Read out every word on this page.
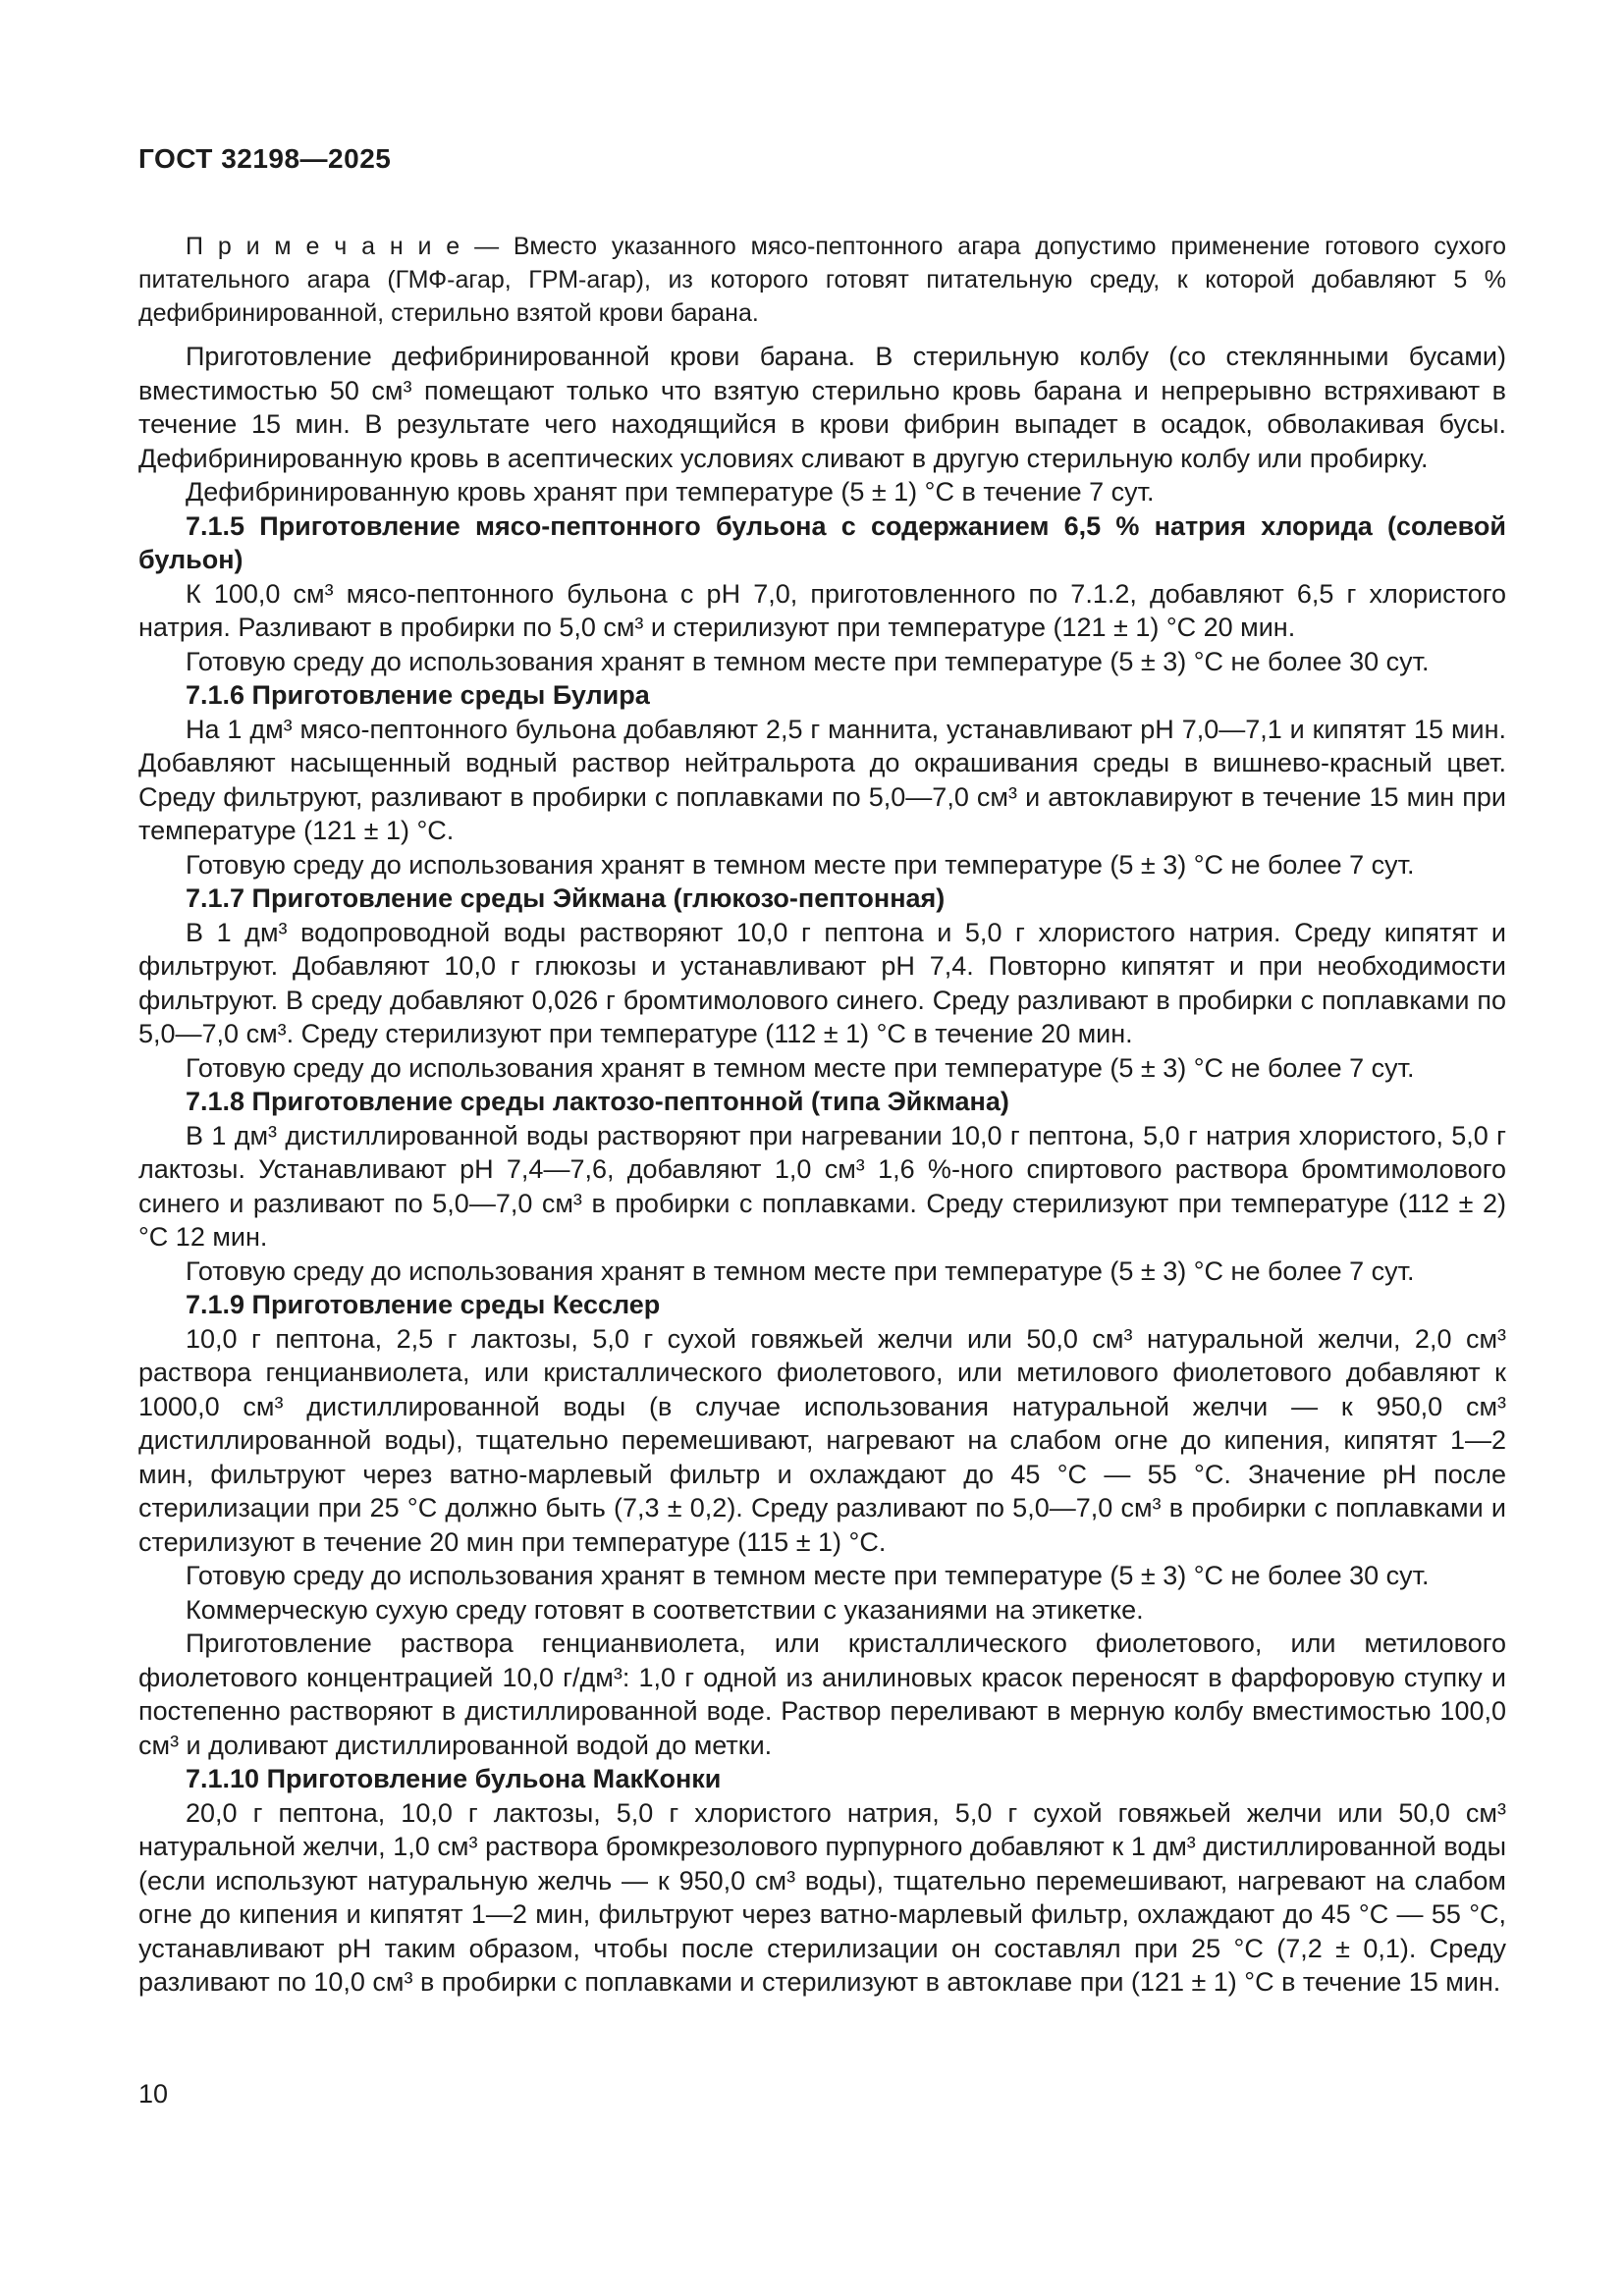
ГОСТ 32198—2025

П р и м е ч а н и е — Вместо указанного мясо-пептонного агара допустимо применение готового сухого питательного агара (ГМФ-агар, ГРМ-агар), из которого готовят питательную среду, к которой добавляют 5 % дефибринированной, стерильно взятой крови барана.

Приготовление дефибринированной крови барана. В стерильную колбу (со стеклянными бусами) вместимостью 50 см³ помещают только что взятую стерильно кровь барана и непрерывно встряхивают в течение 15 мин. В результате чего находящийся в крови фибрин выпадет в осадок, обволакивая бусы. Дефибринированную кровь в асептических условиях сливают в другую стерильную колбу или пробирку.

Дефибринированную кровь хранят при температуре (5 ± 1) °С в течение 7 сут.

7.1.5 Приготовление мясо-пептонного бульона с содержанием 6,5 % натрия хлорида (солевой бульон)

К 100,0 см³ мясо-пептонного бульона с рН 7,0, приготовленного по 7.1.2, добавляют 6,5 г хлористого натрия. Разливают в пробирки по 5,0 см³ и стерилизуют при температуре (121 ± 1) °С 20 мин.

Готовую среду до использования хранят в темном месте при температуре (5 ± 3) °С не более 30 сут.

7.1.6 Приготовление среды Булира

На 1 дм³ мясо-пептонного бульона добавляют 2,5 г маннита, устанавливают рН 7,0—7,1 и кипятят 15 мин. Добавляют насыщенный водный раствор нейтральрота до окрашивания среды в вишнево-красный цвет. Среду фильтруют, разливают в пробирки с поплавками по 5,0—7,0 см³ и автоклавируют в течение 15 мин при температуре (121 ± 1) °С.

Готовую среду до использования хранят в темном месте при температуре (5 ± 3) °С не более 7 сут.

7.1.7 Приготовление среды Эйкмана (глюкозо-пептонная)

В 1 дм³ водопроводной воды растворяют 10,0 г пептона и 5,0 г хлористого натрия. Среду кипятят и фильтруют. Добавляют 10,0 г глюкозы и устанавливают рН 7,4. Повторно кипятят и при необходимости фильтруют. В среду добавляют 0,026 г бромтимолового синего. Среду разливают в пробирки с поплавками по 5,0—7,0 см³. Среду стерилизуют при температуре (112 ± 1) °С в течение 20 мин.

Готовую среду до использования хранят в темном месте при температуре (5 ± 3) °С не более 7 сут.

7.1.8 Приготовление среды лактозо-пептонной (типа Эйкмана)

В 1 дм³ дистиллированной воды растворяют при нагревании 10,0 г пептона, 5,0 г натрия хлористого, 5,0 г лактозы. Устанавливают рН 7,4—7,6, добавляют 1,0 см³ 1,6 %-ного спиртового раствора бромтимолового синего и разливают по 5,0—7,0 см³ в пробирки с поплавками. Среду стерилизуют при температуре (112 ± 2) °С 12 мин.

Готовую среду до использования хранят в темном месте при температуре (5 ± 3) °С не более 7 сут.

7.1.9 Приготовление среды Кесслер

10,0 г пептона, 2,5 г лактозы, 5,0 г сухой говяжьей желчи или 50,0 см³ натуральной желчи, 2,0 см³ раствора генцианвиолета, или кристаллического фиолетового, или метилового фиолетового добавляют к 1000,0 см³ дистиллированной воды (в случае использования натуральной желчи — к 950,0 см³ дистиллированной воды), тщательно перемешивают, нагревают на слабом огне до кипения, кипятят 1—2 мин, фильтруют через ватно-марлевый фильтр и охлаждают до 45 °С — 55 °С. Значение рН после стерилизации при 25 °С должно быть (7,3 ± 0,2). Среду разливают по 5,0—7,0 см³ в пробирки с поплавками и стерилизуют в течение 20 мин при температуре (115 ± 1) °С.

Готовую среду до использования хранят в темном месте при температуре (5 ± 3) °С не более 30 сут.

Коммерческую сухую среду готовят в соответствии с указаниями на этикетке.

Приготовление раствора генцианвиолета, или кристаллического фиолетового, или метилового фиолетового концентрацией 10,0 г/дм³: 1,0 г одной из анилиновых красок переносят в фарфоровую ступку и постепенно растворяют в дистиллированной воде. Раствор переливают в мерную колбу вместимостью 100,0 см³ и доливают дистиллированной водой до метки.

7.1.10 Приготовление бульона МакКонки

20,0 г пептона, 10,0 г лактозы, 5,0 г хлористого натрия, 5,0 г сухой говяжьей желчи или 50,0 см³ натуральной желчи, 1,0 см³ раствора бромкрезолового пурпурного добавляют к 1 дм³ дистиллированной воды (если используют натуральную желчь — к 950,0 см³ воды), тщательно перемешивают, нагревают на слабом огне до кипения и кипятят 1—2 мин, фильтруют через ватно-марлевый фильтр, охлаждают до 45 °С — 55 °С, устанавливают рН таким образом, чтобы после стерилизации он составлял при 25 °С (7,2 ± 0,1). Среду разливают по 10,0 см³ в пробирки с поплавками и стерилизуют в автоклаве при (121 ± 1) °С в течение 15 мин.

10
